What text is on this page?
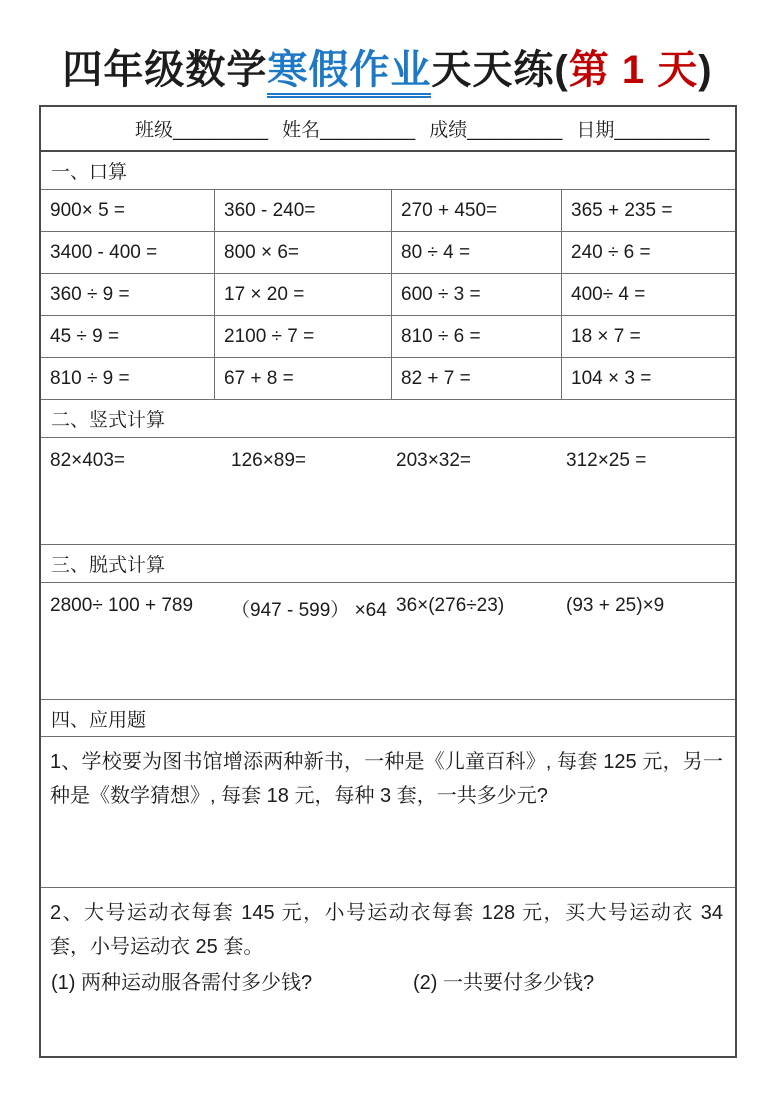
四年级数学寒假作业天天练(第 1 天)
班级 _________ 姓名 _________ 成绩 _________ 日期 _________
一、口算
900× 5 =	360 - 240=	270 + 450=	365 + 235 =
3400 - 400 =	800 × 6=	80 ÷ 4 =	240 ÷ 6 =
360 ÷ 9 =	17 × 20 =	600 ÷ 3 =	400÷ 4 =
45 ÷ 9 =	2100 ÷ 7 =	810 ÷ 6 =	18 × 7 =
810 ÷ 9 =	67 + 8 =	82 + 7 =	104 × 3 =
二、竖式计算
82×403=	126×89=	203×32=	312×25 =
三、脱式计算
2800÷ 100 + 789 （947 - 599） ×64 36×(276÷23)	(93 + 25)×9
四、应用题

1、学校要为图书馆增添两种新书，一种是《儿童百科》, 每套 125 元，另一种是《数学猜想》, 每套 18 元，每种 3 套，一共多少元?

2、大号运动衣每套 145 元，小号运动衣每套 128 元，买大号运动衣 34 套，小号运动衣 25 套。

(1) 两种运动服各需付多少钱?	(2) 一共要付多少钱?
